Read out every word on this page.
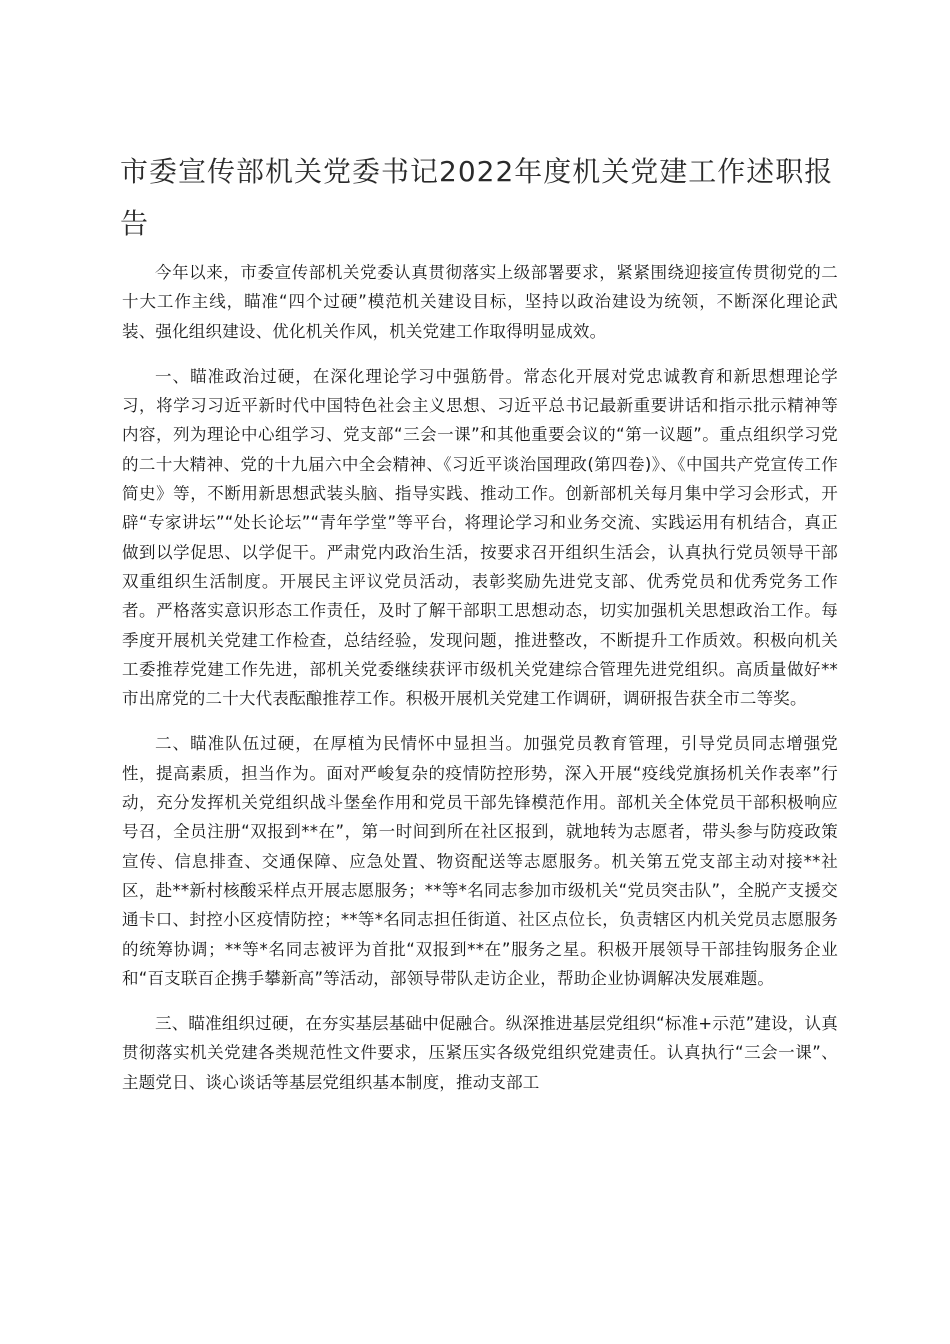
市委宣传部机关党委书记2022年度机关党建工作述职报告

今年以来，市委宣传部机关党委认真贯彻落实上级部署要求，紧紧围绕迎接宣传贯彻党的二十大工作主线，瞄准“四个过硬”模范机关建设目标，坚持以政治建设为统领，不断深化理论武装、强化组织建设、优化机关作风，机关党建工作取得明显成效。

一、瞄准政治过硬，在深化理论学习中强筋骨。常态化开展对党忠诚教育和新思想理论学习，将学习习近平新时代中国特色社会主义思想、习近平总书记最新重要讲话和指示批示精神等内容，列为理论中心组学习、党支部“三会一课”和其他重要会议的“第一议题”。重点组织学习党的二十大精神、党的十九届六中全会精神、《习近平谈治国理政(第四卷)》、《中国共产党宣传工作简史》等，不断用新思想武装头脑、指导实践、推动工作。创新部机关每月集中学习会形式，开辟“专家讲坛”“处长论坛”“青年学堂”等平台，将理论学习和业务交流、实践运用有机结合，真正做到以学促思、以学促干。严肃党内政治生活，按要求召开组织生活会，认真执行党员领导干部双重组织生活制度。开展民主评议党员活动，表彰奖励先进党支部、优秀党员和优秀党务工作者。严格落实意识形态工作责任，及时了解干部职工思想动态，切实加强机关思想政治工作。每季度开展机关党建工作检查，总结经验，发现问题，推进整改，不断提升工作质效。积极向机关工委推荐党建工作先进，部机关党委继续获评市级机关党建综合管理先进党组织。高质量做好**市出席党的二十大代表酝酿推荐工作。积极开展机关党建工作调研，调研报告获全市二等奖。

二、瞄准队伍过硬，在厚植为民情怀中显担当。加强党员教育管理，引导党员同志增强党性，提高素质，担当作为。面对严峻复杂的疫情防控形势，深入开展“疫线党旗扬机关作表率”行动，充分发挥机关党组织战斗堡垒作用和党员干部先锋模范作用。部机关全体党员干部积极响应号召，全员注册“双报到**在”，第一时间到所在社区报到，就地转为志愿者，带头参与防疫政策宣传、信息排查、交通保障、应急处置、物资配送等志愿服务。机关第五党支部主动对接**社区，赴**新村核酸采样点开展志愿服务；**等*名同志参加市级机关“党员突击队”，全脱产支援交通卡口、封控小区疫情防控；**等*名同志担任街道、社区点位长，负责辖区内机关党员志愿服务的统筹协调；**等*名同志被评为首批“双报到**在”服务之星。积极开展领导干部挂钩服务企业和“百支联百企携手攀新高”等活动，部领导带队走访企业，帮助企业协调解决发展难题。

三、瞄准组织过硬，在夯实基层基础中促融合。纵深推进基层党组织“标准+示范”建设，认真贯彻落实机关党建各类规范性文件要求，压紧压实各级党组织党建责任。认真执行“三会一课”、主题党日、谈心谈话等基层党组织基本制度，推动支部工
